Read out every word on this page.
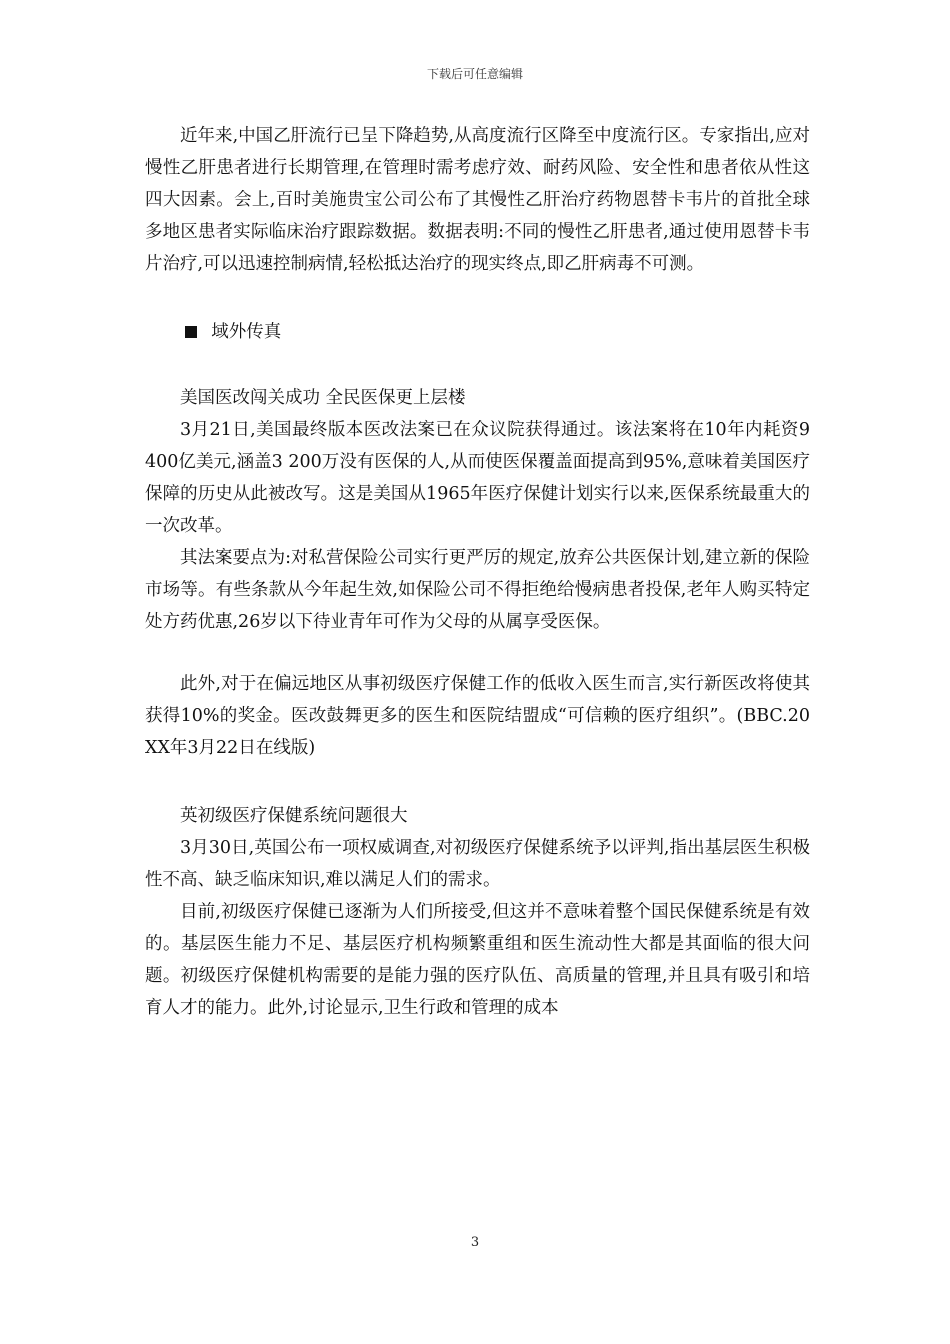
下载后可任意编辑

近年来,中国乙肝流行已呈下降趋势,从高度流行区降至中度流行区。专家指出,应对慢性乙肝患者进行长期管理,在管理时需考虑疗效、耐药风险、安全性和患者依从性这四大因素。会上,百时美施贵宝公司公布了其慢性乙肝治疗药物恩替卡韦片的首批全球多地区患者实际临床治疗跟踪数据。数据表明:不同的慢性乙肝患者,通过使用恩替卡韦片治疗,可以迅速控制病情,轻松抵达治疗的现实终点,即乙肝病毒不可测。

域外传真

美国医改闯关成功 全民医保更上层楼

3月21日,美国最终版本医改法案已在众议院获得通过。该法案将在10年内耗资9 400亿美元,涵盖3 200万没有医保的人,从而使医保覆盖面提高到95%,意味着美国医疗保障的历史从此被改写。这是美国从1965年医疗保健计划实行以来,医保系统最重大的一次改革。

其法案要点为:对私营保险公司实行更严厉的规定,放弃公共医保计划,建立新的保险市场等。有些条款从今年起生效,如保险公司不得拒绝给慢病患者投保,老年人购买特定处方药优惠,26岁以下待业青年可作为父母的从属享受医保。

此外,对于在偏远地区从事初级医疗保健工作的低收入医生而言,实行新医改将使其获得10%的奖金。医改鼓舞更多的医生和医院结盟成“可信赖的医疗组织”。(BBC.20XX年3月22日在线版)

英初级医疗保健系统问题很大

3月30日,英国公布一项权威调查,对初级医疗保健系统予以评判,指出基层医生积极性不高、缺乏临床知识,难以满足人们的需求。

目前,初级医疗保健已逐渐为人们所接受,但这并不意味着整个国民保健系统是有效的。基层医生能力不足、基层医疗机构频繁重组和医生流动性大都是其面临的很大问题。初级医疗保健机构需要的是能力强的医疗队伍、高质量的管理,并且具有吸引和培育人才的能力。此外,讨论显示,卫生行政和管理的成本

3
